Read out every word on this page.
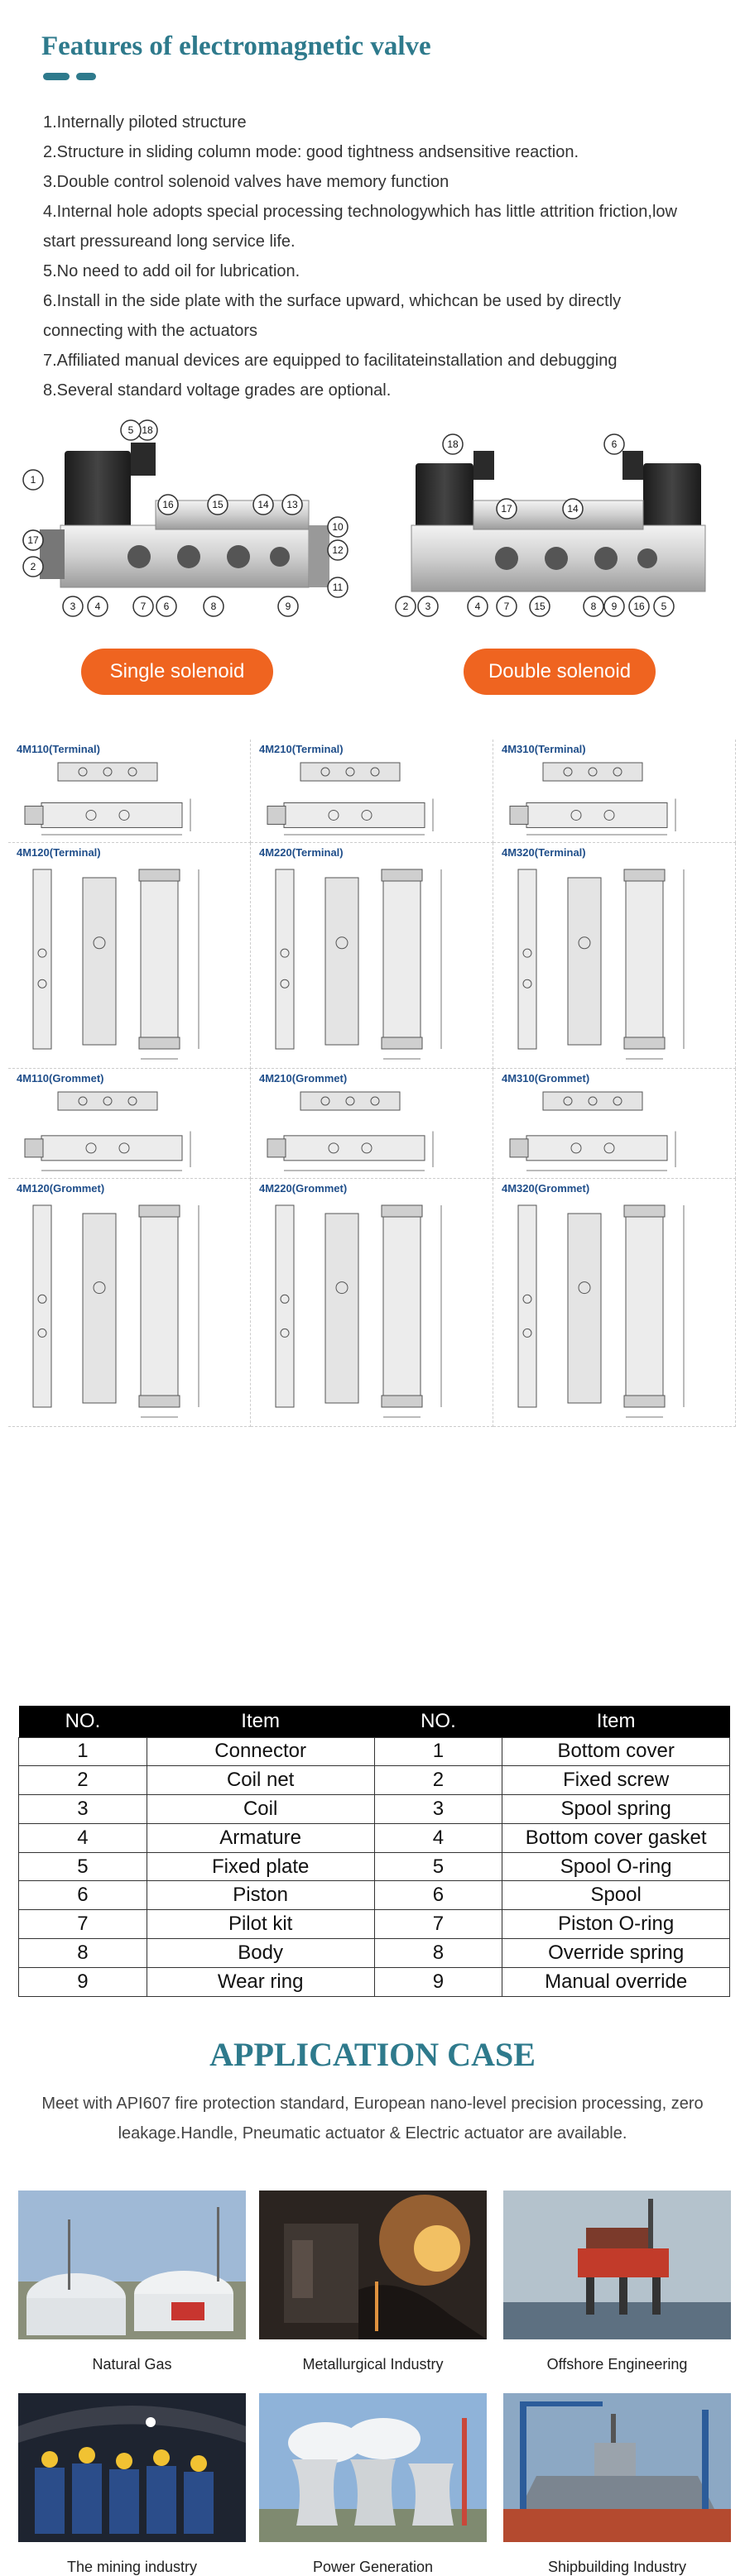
Features of electromagnetic valve

1.Internally piloted structure

2.Structure in sliding column mode: good tightness andsensitive reaction.

3.Double control solenoid valves have memory function

4.Internal hole adopts special processing technologywhich has little attrition friction,low start pressureand long service life.

5.No need to add oil for lubrication.

6.Install in the side plate with the surface upward, whichcan be used by directly connecting with the actuators

7.Affiliated manual devices are equipped to facilitateinstallation and debugging

8.Several standard voltage grades are optional.

1
17
2
3 4	7 6	8	9
10
11
12
13
14
15
16
18
5
2 3	4 7 15	8 9 16 5
18	6
17	14
Single solenoid	Double solenoid
4M110(Terminal)	4M210(Terminal)	4M310(Terminal)
4M120(Terminal)	4M220(Terminal)	4M320(Terminal)
4M110(Grommet)	4M210(Grommet)	4M310(Grommet)
4M120(Grommet)	4M220(Grommet)	4M320(Grommet)
NO.	Item	NO.	Item
1	Connector	1	Bottom cover
2	Coil net	2	Fixed screw
3	Coil	3	Spool spring
4	Armature	4	Bottom cover gasket
5	Fixed plate	5	Spool O-ring
6	Piston	6	Spool
7	Pilot kit	7	Piston O-ring
8	Body	8	Override spring
9	Wear ring	9	Manual override
APPLICATION CASE

Meet with API607 fire protection standard, European nano-level precision processing, zero leakage.Handle, Pneumatic actuator & Electric actuator are available.

Natural Gas	Metallurgical Industry	Offshore Engineering
The mining industry	Power Generation	Shipbuilding Industry
